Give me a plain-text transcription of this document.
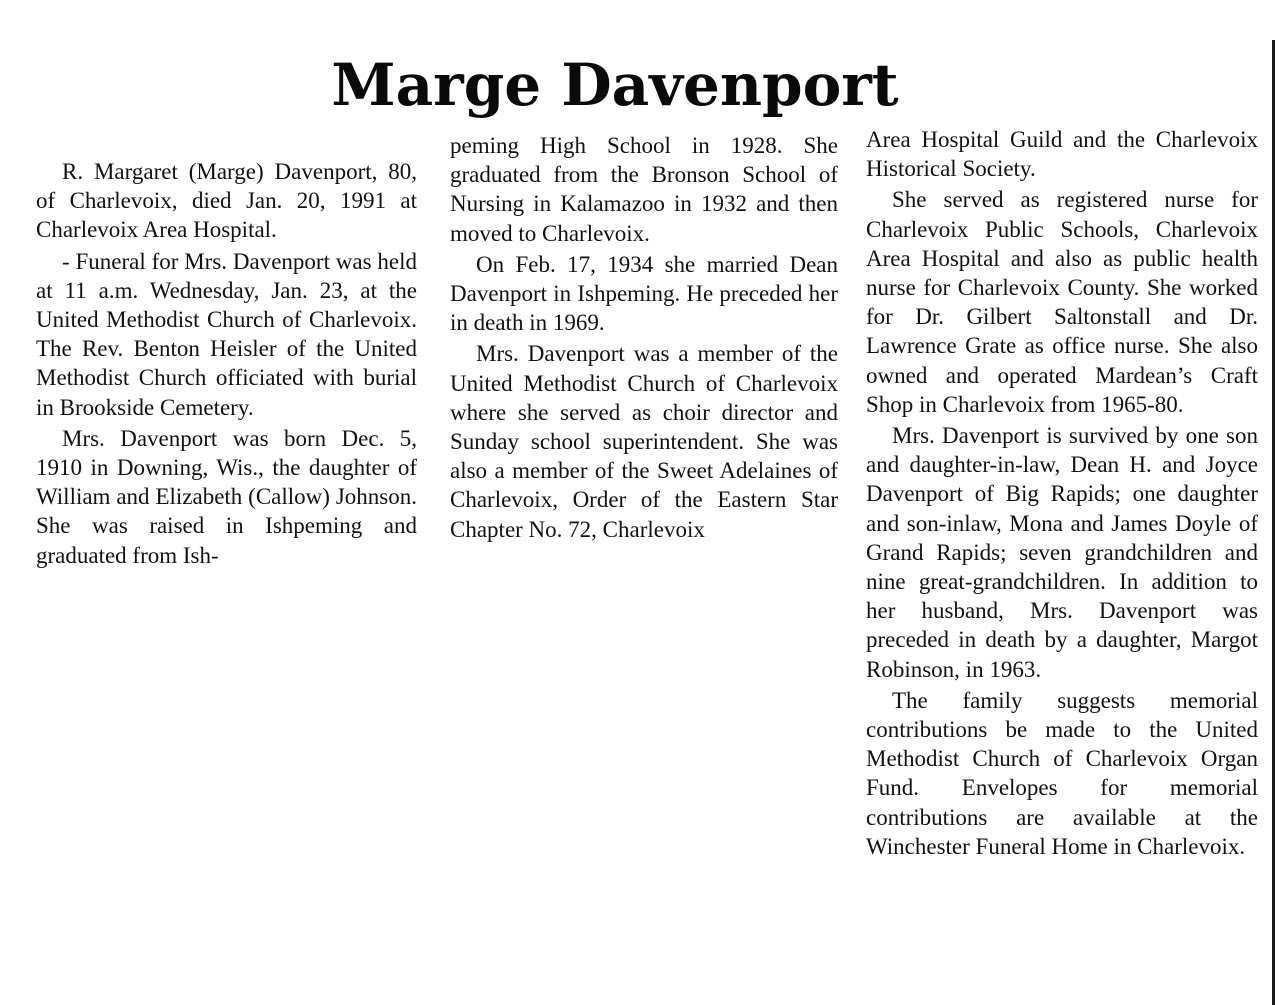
Marge Davenport

R. Margaret (Marge) Davenport, 80, of Charlevoix, died Jan. 20, 1991 at Charlevoix Area Hospital.

- Funeral for Mrs. Davenport was held at 11 a.m. Wednesday, Jan. 23, at the United Methodist Church of Charlevoix. The Rev. Benton Heisler of the United Methodist Church officiated with burial in Brookside Cemetery.

Mrs. Davenport was born Dec. 5, 1910 in Downing, Wis., the daughter of William and Elizabeth (Callow) Johnson. She was raised in Ishpeming and graduated from Ish-

peming High School in 1928. She graduated from the Bronson School of Nursing in Kalamazoo in 1932 and then moved to Charlevoix.

On Feb. 17, 1934 she married Dean Davenport in Ishpeming. He preceded her in death in 1969.

Mrs. Davenport was a member of the United Methodist Church of Charlevoix where she served as choir director and Sunday school superintendent. She was also a member of the Sweet Adelaines of Charlevoix, Order of the Eastern Star Chapter No. 72, Charlevoix

Area Hospital Guild and the Charlevoix Historical Society.

She served as registered nurse for Charlevoix Public Schools, Charlevoix Area Hospital and also as public health nurse for Charlevoix County. She worked for Dr. Gilbert Saltonstall and Dr. Lawrence Grate as office nurse. She also owned and operated Mardean’s Craft Shop in Charlevoix from 1965-80.

Mrs. Davenport is survived by one son and daughter-in-law, Dean H. and Joyce Davenport of Big Rapids; one daughter and son-inlaw, Mona and James Doyle of Grand Rapids; seven grandchildren and nine great-grandchildren. In addition to her husband, Mrs. Davenport was preceded in death by a daughter, Margot Robinson, in 1963.

The family suggests memorial contributions be made to the United Methodist Church of Charlevoix Organ Fund. Envelopes for memorial contributions are available at the Winchester Funeral Home in Charlevoix.
